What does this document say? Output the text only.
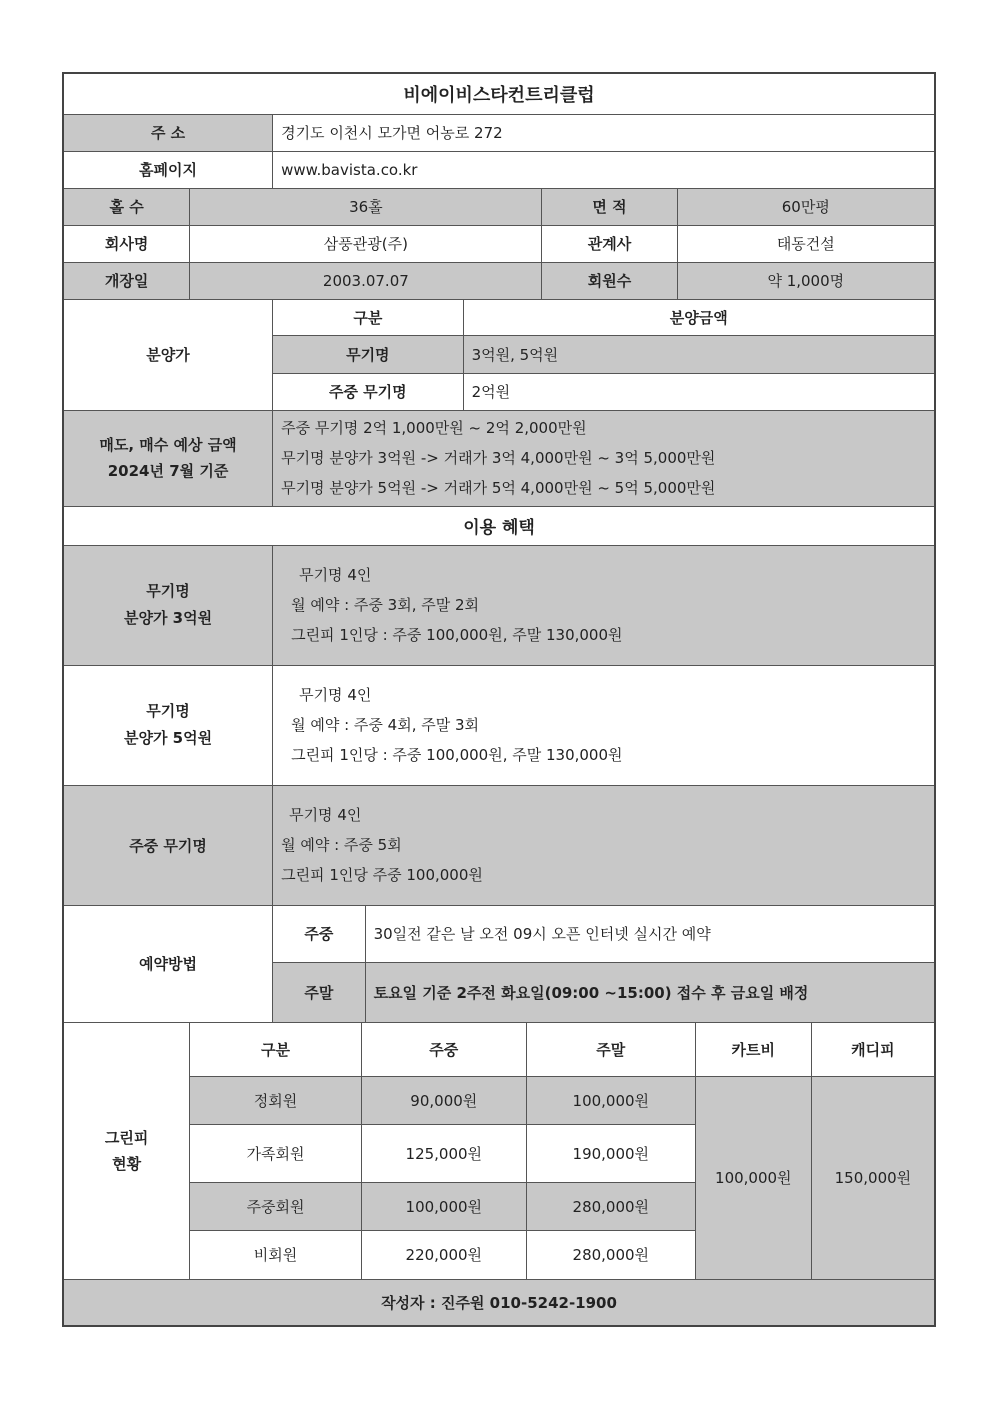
비에이비스타컨트리클럽
주 소	경기도 이천시 모가면 어농로 272
홈페이지	www.bavista.co.kr
홀 수	36홀	면 적	60만평
회사명	삼풍관광(주)	관계사	태동건설
개장일	2003.07.07	회원수	약 1,000명
분양가	
구분	분양금액
무기명	3억원, 5억원
주중 무기명	2억원

매도, 매수 예상 금액
2024년 7월 기준

주중 무기명 2억 1,000만원 ~ 2억 2,000만원
무기명 분양가 3억원 -> 거래가 3억 4,000만원 ~ 3억 5,000만원
무기명 분양가 5억원 -> 거래가 5억 4,000만원 ~ 5억 5,000만원

이용 혜택

무기명
분양가 3억원

무기명 4인
월 예약 : 주중 3회, 주말 2회
그린피 1인당 : 주중 100,000원, 주말 130,000원

무기명
분양가 5억원

무기명 4인
월 예약 : 주중 4회, 주말 3회
그린피 1인당 : 주중 100,000원, 주말 130,000원

주중 무기명	
무기명 4인
월 예약 : 주중 5회
그린피 1인당 주중 100,000원

예약방법	
주중	30일전 같은 날 오전 09시 오픈 인터넷 실시간 예약
주말	토요일 기준 2주전 화요일(09:00 ~15:00) 접수 후 금요일 배정

그린피
현황

구분	주중	주말	카트비	캐디피
정회원	90,000원	100,000원	100,000원	150,000원
가족회원	125,000원	190,000원
주중회원	100,000원	280,000원
비회원	220,000원	280,000원

작성자 : 진주원 010-5242-1900
